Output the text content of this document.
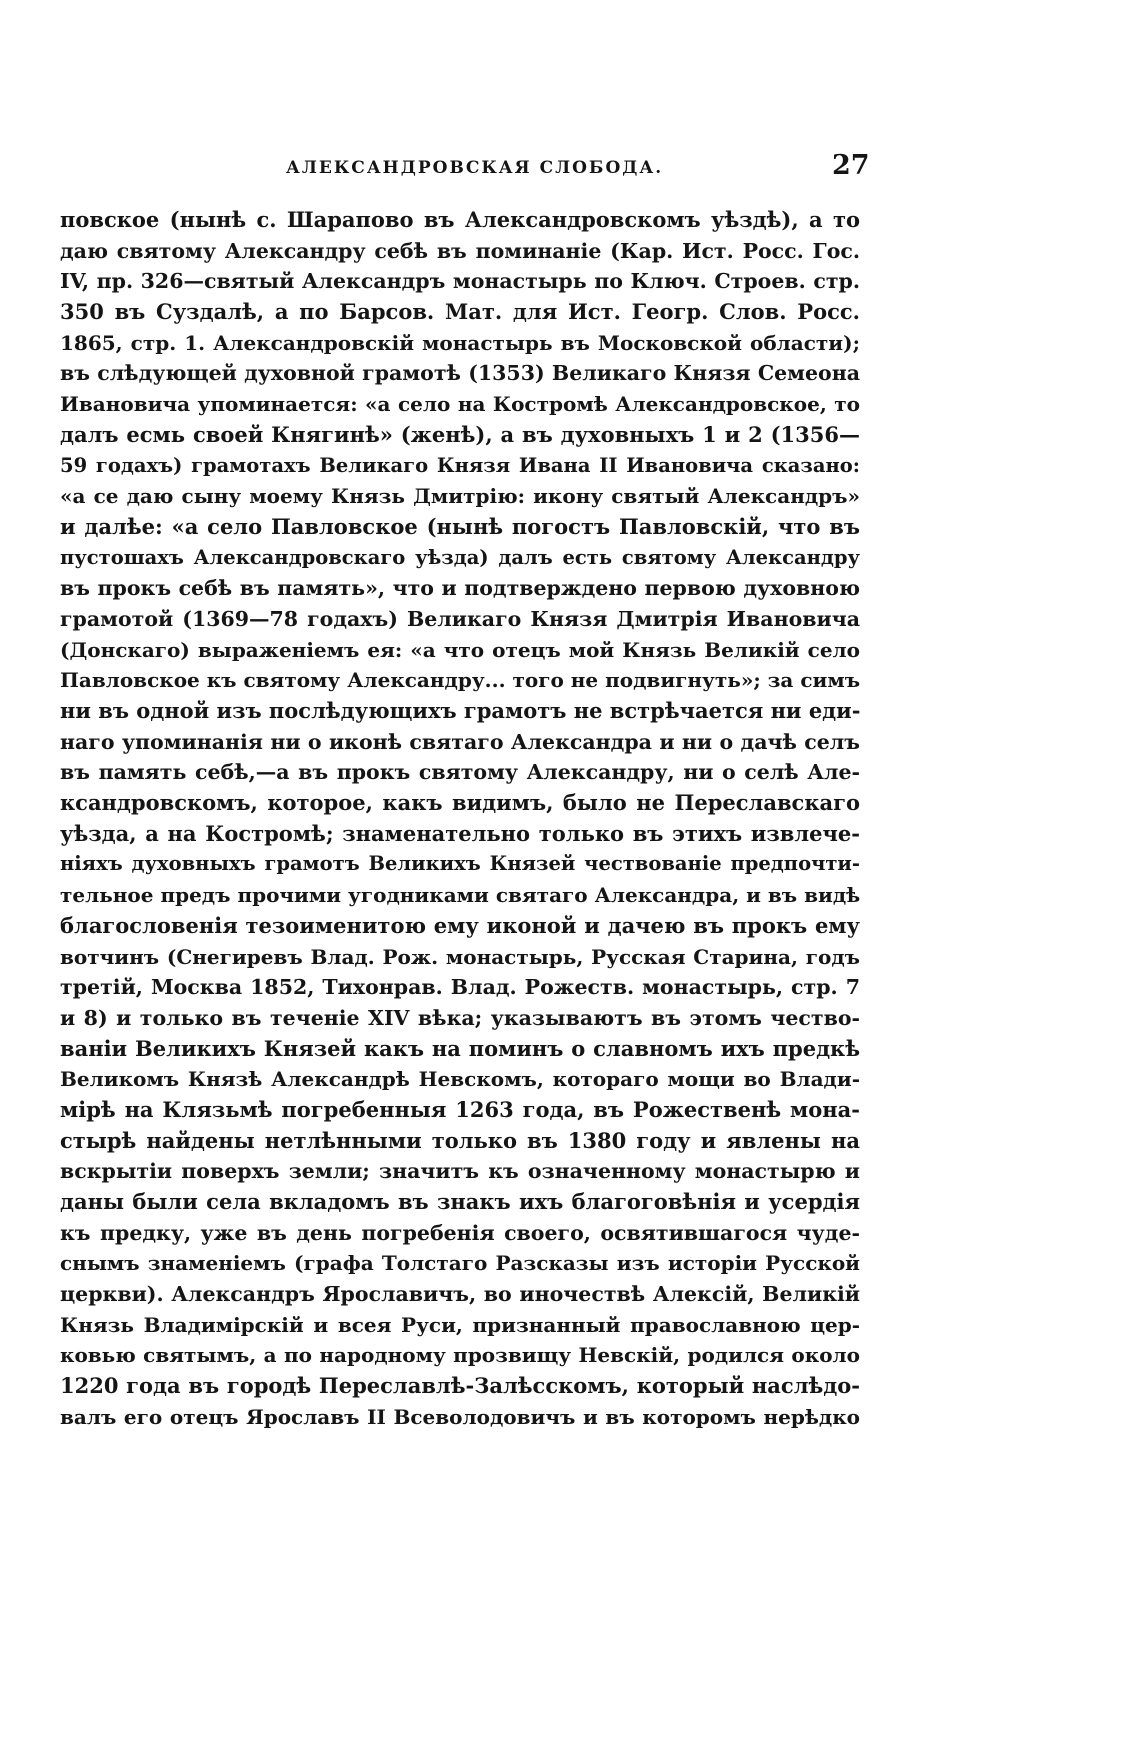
АЛЕКСАНДРОВСКАЯ СЛОБОДА.	27
повское (нынѣ с. Шарапово въ Александровскомъ уѣздѣ), а то
даю святому Александру себѣ въ поминаніе (Кар. Ист. Росс. Гос.
IV, пр. 326—святый Александръ монастырь по Ключ. Строев. стр.
350 въ Суздалѣ, а по Барсов. Мат. для Ист. Геогр. Слов. Росс.
1865, стр. 1. Александровскій монастырь въ Московской области);
въ слѣдующей духовной грамотѣ (1353) Великаго Князя Семеона
Ивановича упоминается: «а село на Костромѣ Александровское, то
далъ есмь своей Княгинѣ» (женѣ), а въ духовныхъ 1 и 2 (1356—
59 годахъ) грамотахъ Великаго Князя Ивана II Ивановича сказано:
«а се даю сыну моему Князь Дмитрію: икону святый Александръ»
и далѣе: «а село Павловское (нынѣ погостъ Павловскій, что въ
пустошахъ Александровскаго уѣзда) далъ есть святому Александру
въ прокъ себѣ въ память», что и подтверждено первою духовною
грамотой (1369—78 годахъ) Великаго Князя Дмитрія Ивановича
(Донскаго) выраженіемъ ея: «а что отецъ мой Князь Великій село
Павловское къ святому Александру... того не подвигнуть»; за симъ
ни въ одной изъ послѣдующихъ грамотъ не встрѣчается ни еди-
наго упоминанія ни о иконѣ святаго Александра и ни о дачѣ селъ
въ память себѣ,—а въ прокъ святому Александру, ни о селѣ Але-
ксандровскомъ, которое, какъ видимъ, было не Переславскаго
уѣзда, а на Костромѣ; знаменательно только въ этихъ извлече-
ніяхъ духовныхъ грамотъ Великихъ Князей чествованіе предпочти-
тельное предъ прочими угодниками святаго Александра, и въ видѣ
благословенія тезоименитою ему иконой и дачею въ прокъ ему
вотчинъ (Снегиревъ Влад. Рож. монастырь, Русская Старина, годъ
третій, Москва 1852, Тихонрав. Влад. Рожеств. монастырь, стр. 7
и 8) и только въ теченіе XIV вѣка; указываютъ въ этомъ чество-
ваніи Великихъ Князей какъ на поминъ о славномъ ихъ предкѣ
Великомъ Князѣ Александрѣ Невскомъ, котораго мощи во Влади-
мірѣ на Клязьмѣ погребенныя 1263 года, въ Рожественѣ мона-
стырѣ найдены нетлѣнными только въ 1380 году и явлены на
вскрытіи поверхъ земли; значитъ къ означенному монастырю и
даны были села вкладомъ въ знакъ ихъ благоговѣнія и усердія
къ предку, уже въ день погребенія своего, освятившагося чуде-
снымъ знаменіемъ (графа Толстаго Разсказы изъ исторіи Русской
церкви). Александръ Ярославичъ, во иночествѣ Алексій, Великій
Князь Владимірскій и всея Руси, признанный православною цер-
ковью святымъ, а по народному прозвищу Невскій, родился около
1220 года въ городѣ Переславлѣ-Залѣсскомъ, который наслѣдо-
валъ его отецъ Ярославъ II Всеволодовичъ и въ которомъ нерѣдко
